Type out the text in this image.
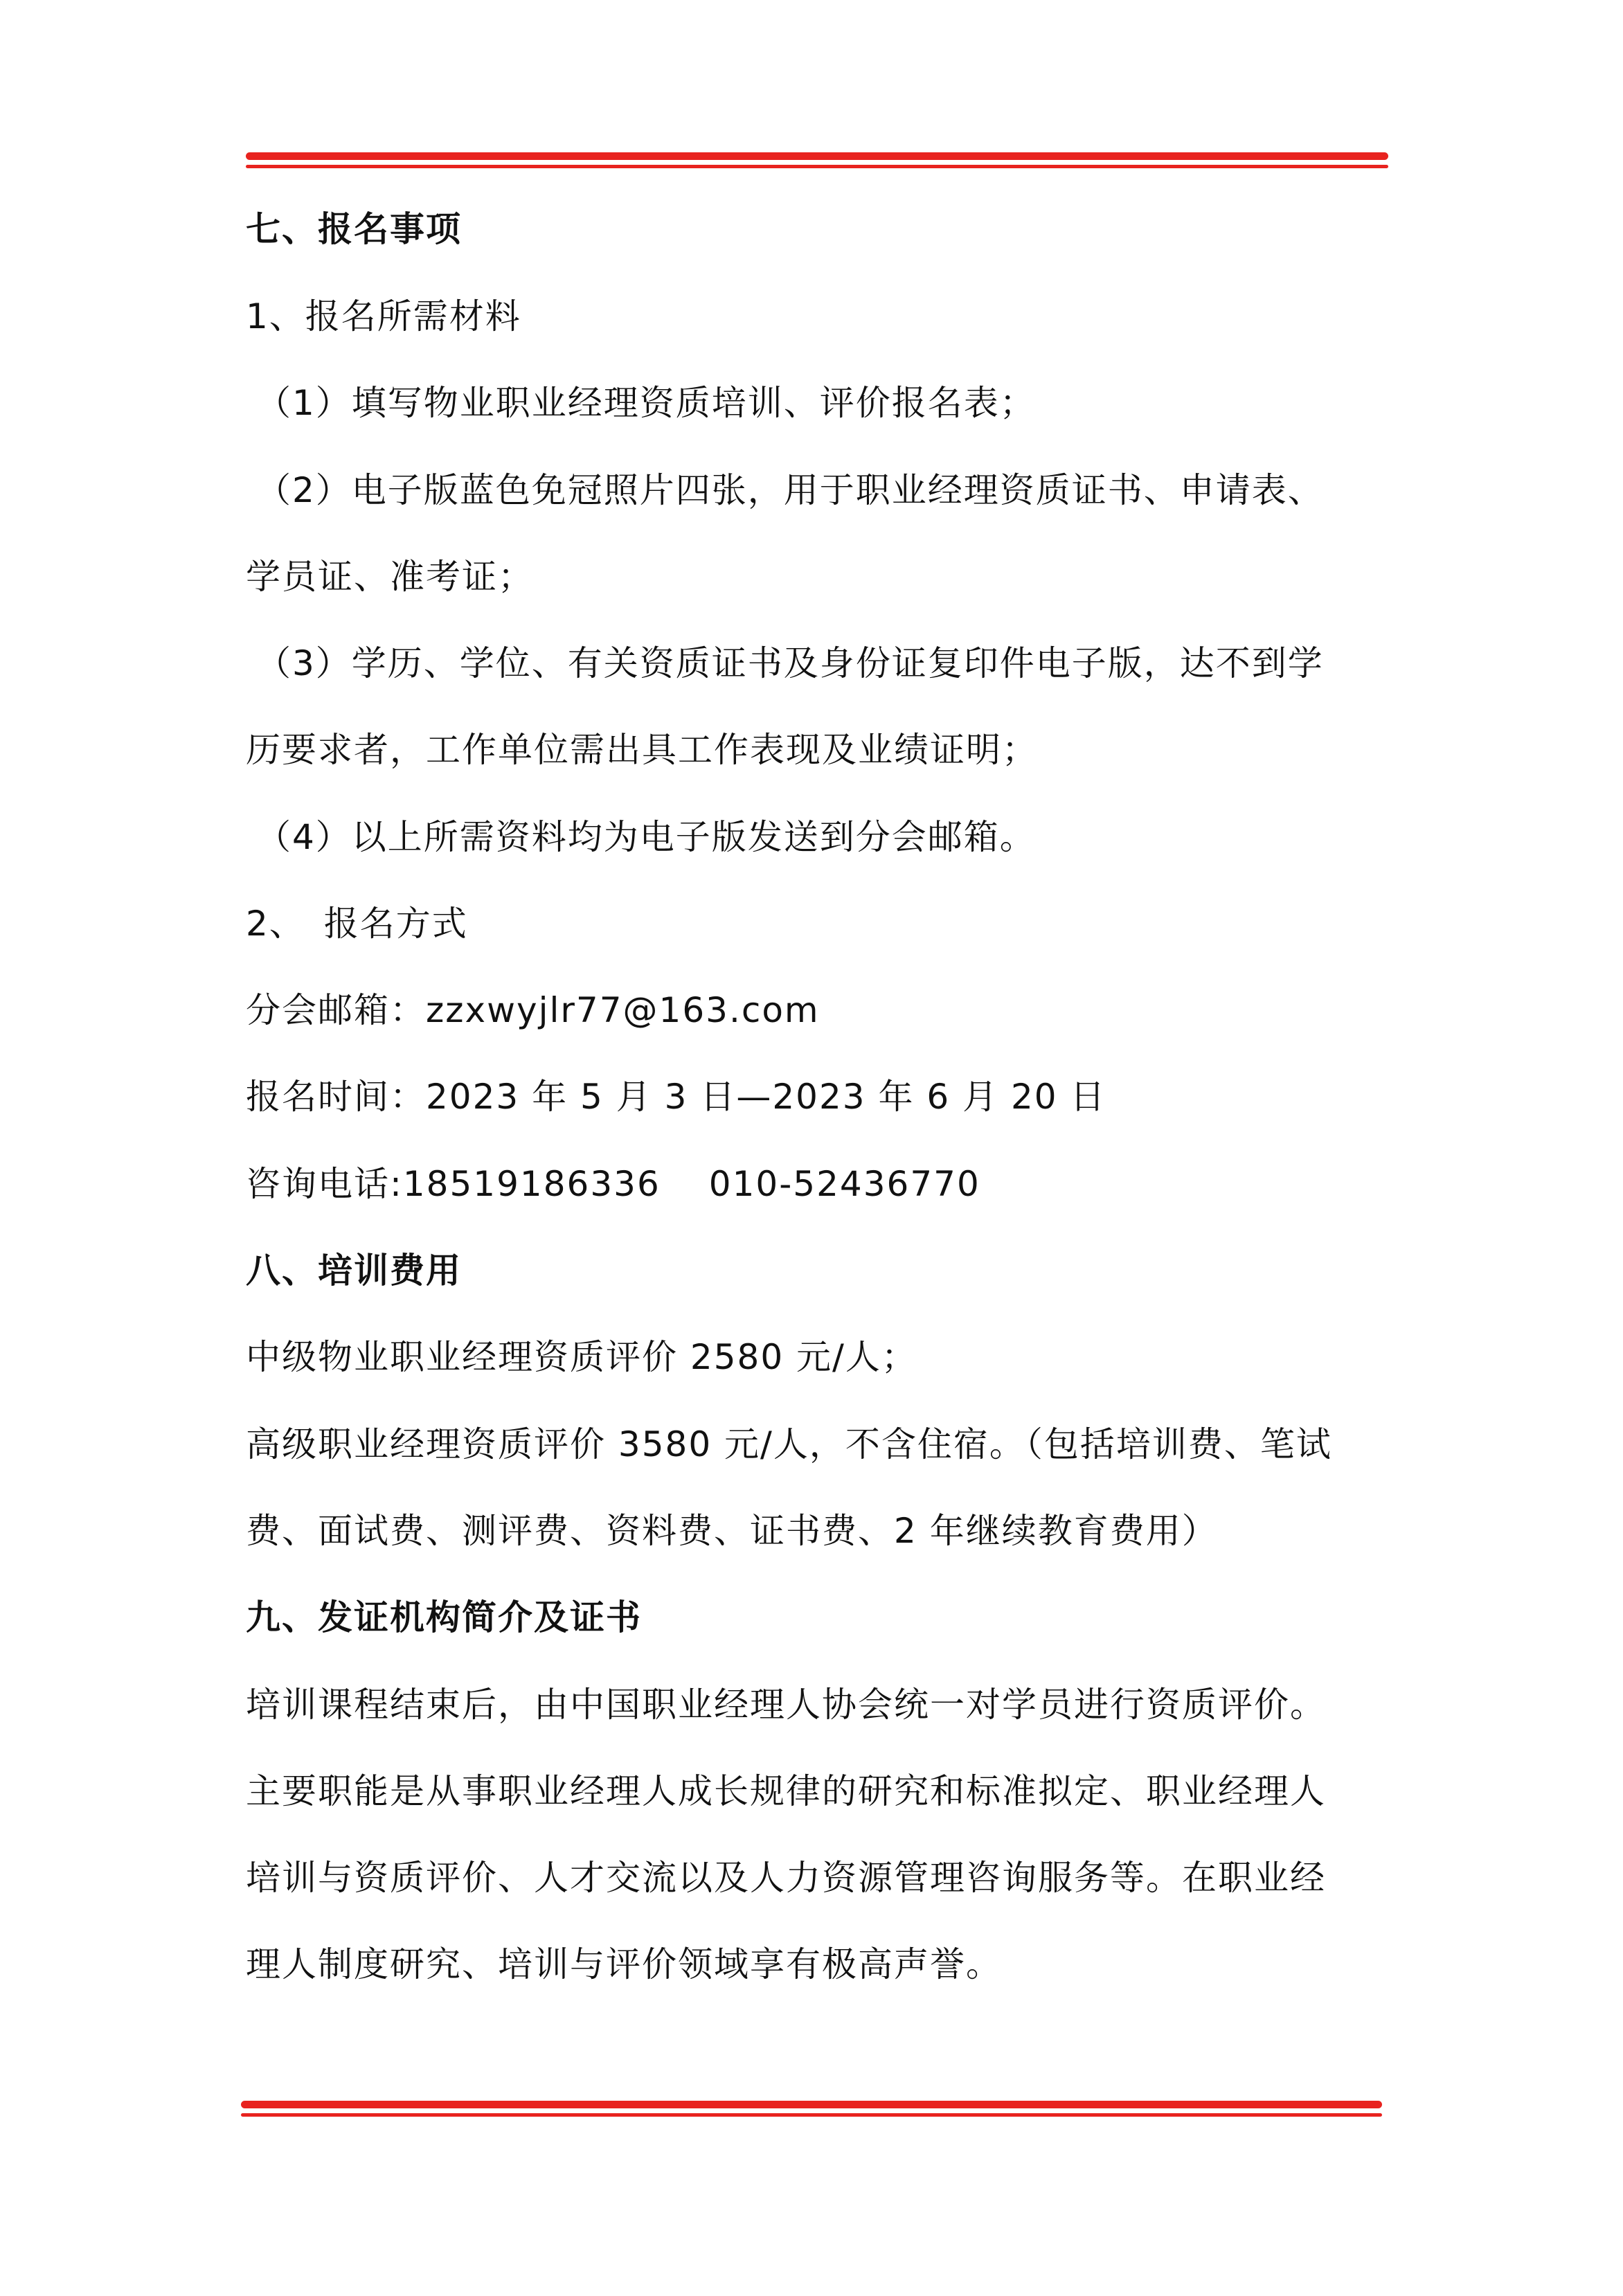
七、报名事项
1、报名所需材料
（1）填写物业职业经理资质培训、评价报名表；
（2）电子版蓝色免冠照片四张，用于职业经理资质证书、申请表、
学员证、准考证；
（3）学历、学位、有关资质证书及身份证复印件电子版，达不到学
历要求者，工作单位需出具工作表现及业绩证明；
（4）以上所需资料均为电子版发送到分会邮箱。
2、　报名方式
分会邮箱：zzxwyjlr77@163.com
报名时间：2023 年 5 月 3 日—2023 年 6 月 20 日
咨询电话:18519186336 010-52436770
八、培训费用
中级物业职业经理资质评价 2580 元/人；
高级职业经理资质评价 3580 元/人，不含住宿。（包括培训费、笔试
费、面试费、测评费、资料费、证书费、2 年继续教育费用）
九、发证机构简介及证书
培训课程结束后，由中国职业经理人协会统一对学员进行资质评价。
主要职能是从事职业经理人成长规律的研究和标准拟定、职业经理人
培训与资质评价、人才交流以及人力资源管理咨询服务等。在职业经
理人制度研究、培训与评价领域享有极高声誉。
